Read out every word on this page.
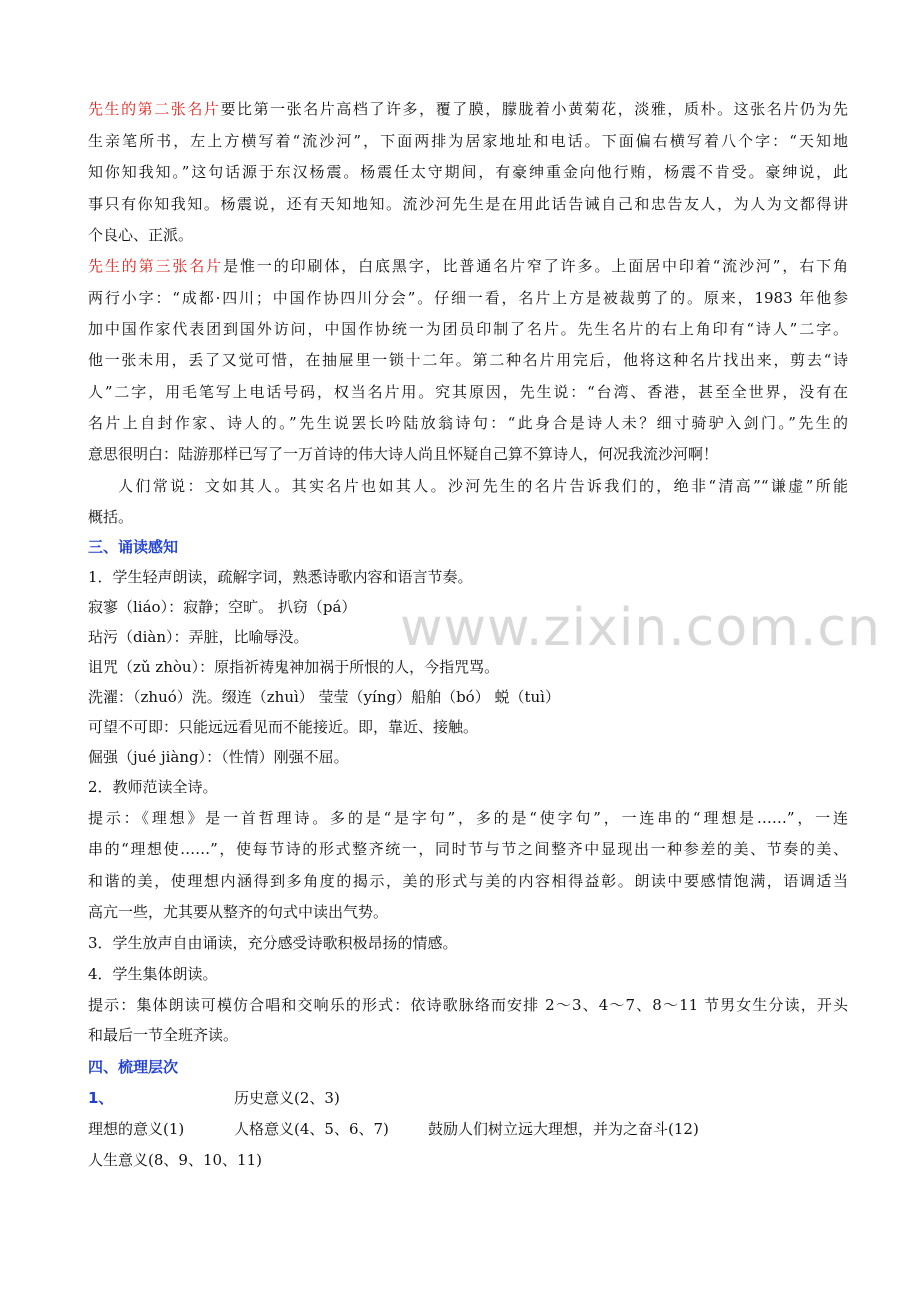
www.zixin.com.cn
先生的第二张名片要比第一张名片高档了许多，覆了膜，朦胧着小黄菊花，淡雅，质朴。这张名片仍为先
生亲笔所书，左上方横写着“流沙河”，下面两排为居家地址和电话。下面偏右横写着八个字：“天知地
知你知我知。”这句话源于东汉杨震。杨震任太守期间，有豪绅重金向他行贿，杨震不肯受。豪绅说，此
事只有你知我知。杨震说，还有天知地知。流沙河先生是在用此话告诫自己和忠告友人，为人为文都得讲
个良心、正派。
先生的第三张名片是惟一的印刷体，白底黑字，比普通名片窄了许多。上面居中印着“流沙河”，右下角
两行小字：“成都·四川；中国作协四川分会”。仔细一看，名片上方是被裁剪了的。原来，1983 年他参
加中国作家代表团到国外访问，中国作协统一为团员印制了名片。先生名片的右上角印有“诗人”二字。
他一张未用，丢了又觉可惜，在抽屉里一锁十二年。第二种名片用完后，他将这种名片找出来，剪去“诗
人”二字，用毛笔写上电话号码，权当名片用。究其原因，先生说：“台湾、香港，甚至全世界，没有在
名片上自封作家、诗人的。”先生说罢长吟陆放翁诗句：“此身合是诗人未？细寸骑驴入剑门。”先生的
意思很明白：陆游那样已写了一万首诗的伟大诗人尚且怀疑自己算不算诗人，何况我流沙河啊！
人们常说：文如其人。其实名片也如其人。沙河先生的名片告诉我们的，绝非“清高”“谦虚”所能
概括。
三、诵读感知
1．学生轻声朗读，疏解字词，熟悉诗歌内容和语言节奏。
寂寥（liáo）：寂静；空旷。 扒窃（pá）
玷污（diàn）：弄脏，比喻辱没。
诅咒（zǔ zhòu）：原指祈祷鬼神加祸于所恨的人，今指咒骂。
洗濯：（zhuó）洗。缀连（zhuì） 莹莹（yíng）船舶（bó） 蜕（tuì）
可望不可即：只能远远看见而不能接近。即，靠近、接触。
倔强（jué jiàng）：（性情）刚强不屈。
2．教师范读全诗。
提示：《理想》是一首哲理诗。多的是“是字句”，多的是“使字句”，一连串的“理想是……”，一连
串的“理想使……”，使每节诗的形式整齐统一，同时节与节之间整齐中显现出一种参差的美、节奏的美、
和谐的美，使理想内涵得到多角度的揭示，美的形式与美的内容相得益彰。朗读中要感情饱满，语调适当
高亢一些，尤其要从整齐的句式中读出气势。
3．学生放声自由诵读，充分感受诗歌积极昂扬的情感。
4．学生集体朗读。
提示：集体朗读可模仿合唱和交响乐的形式：依诗歌脉络而安排 2～3、4～7、8～11 节男女生分读，开头
和最后一节全班齐读。
四、梳理层次
1、	历史意义(2、3)
理想的意义(1)	人格意义(4、5、6、7)	鼓励人们树立远大理想，并为之奋斗(12)
人生意义(8、9、10、11)
